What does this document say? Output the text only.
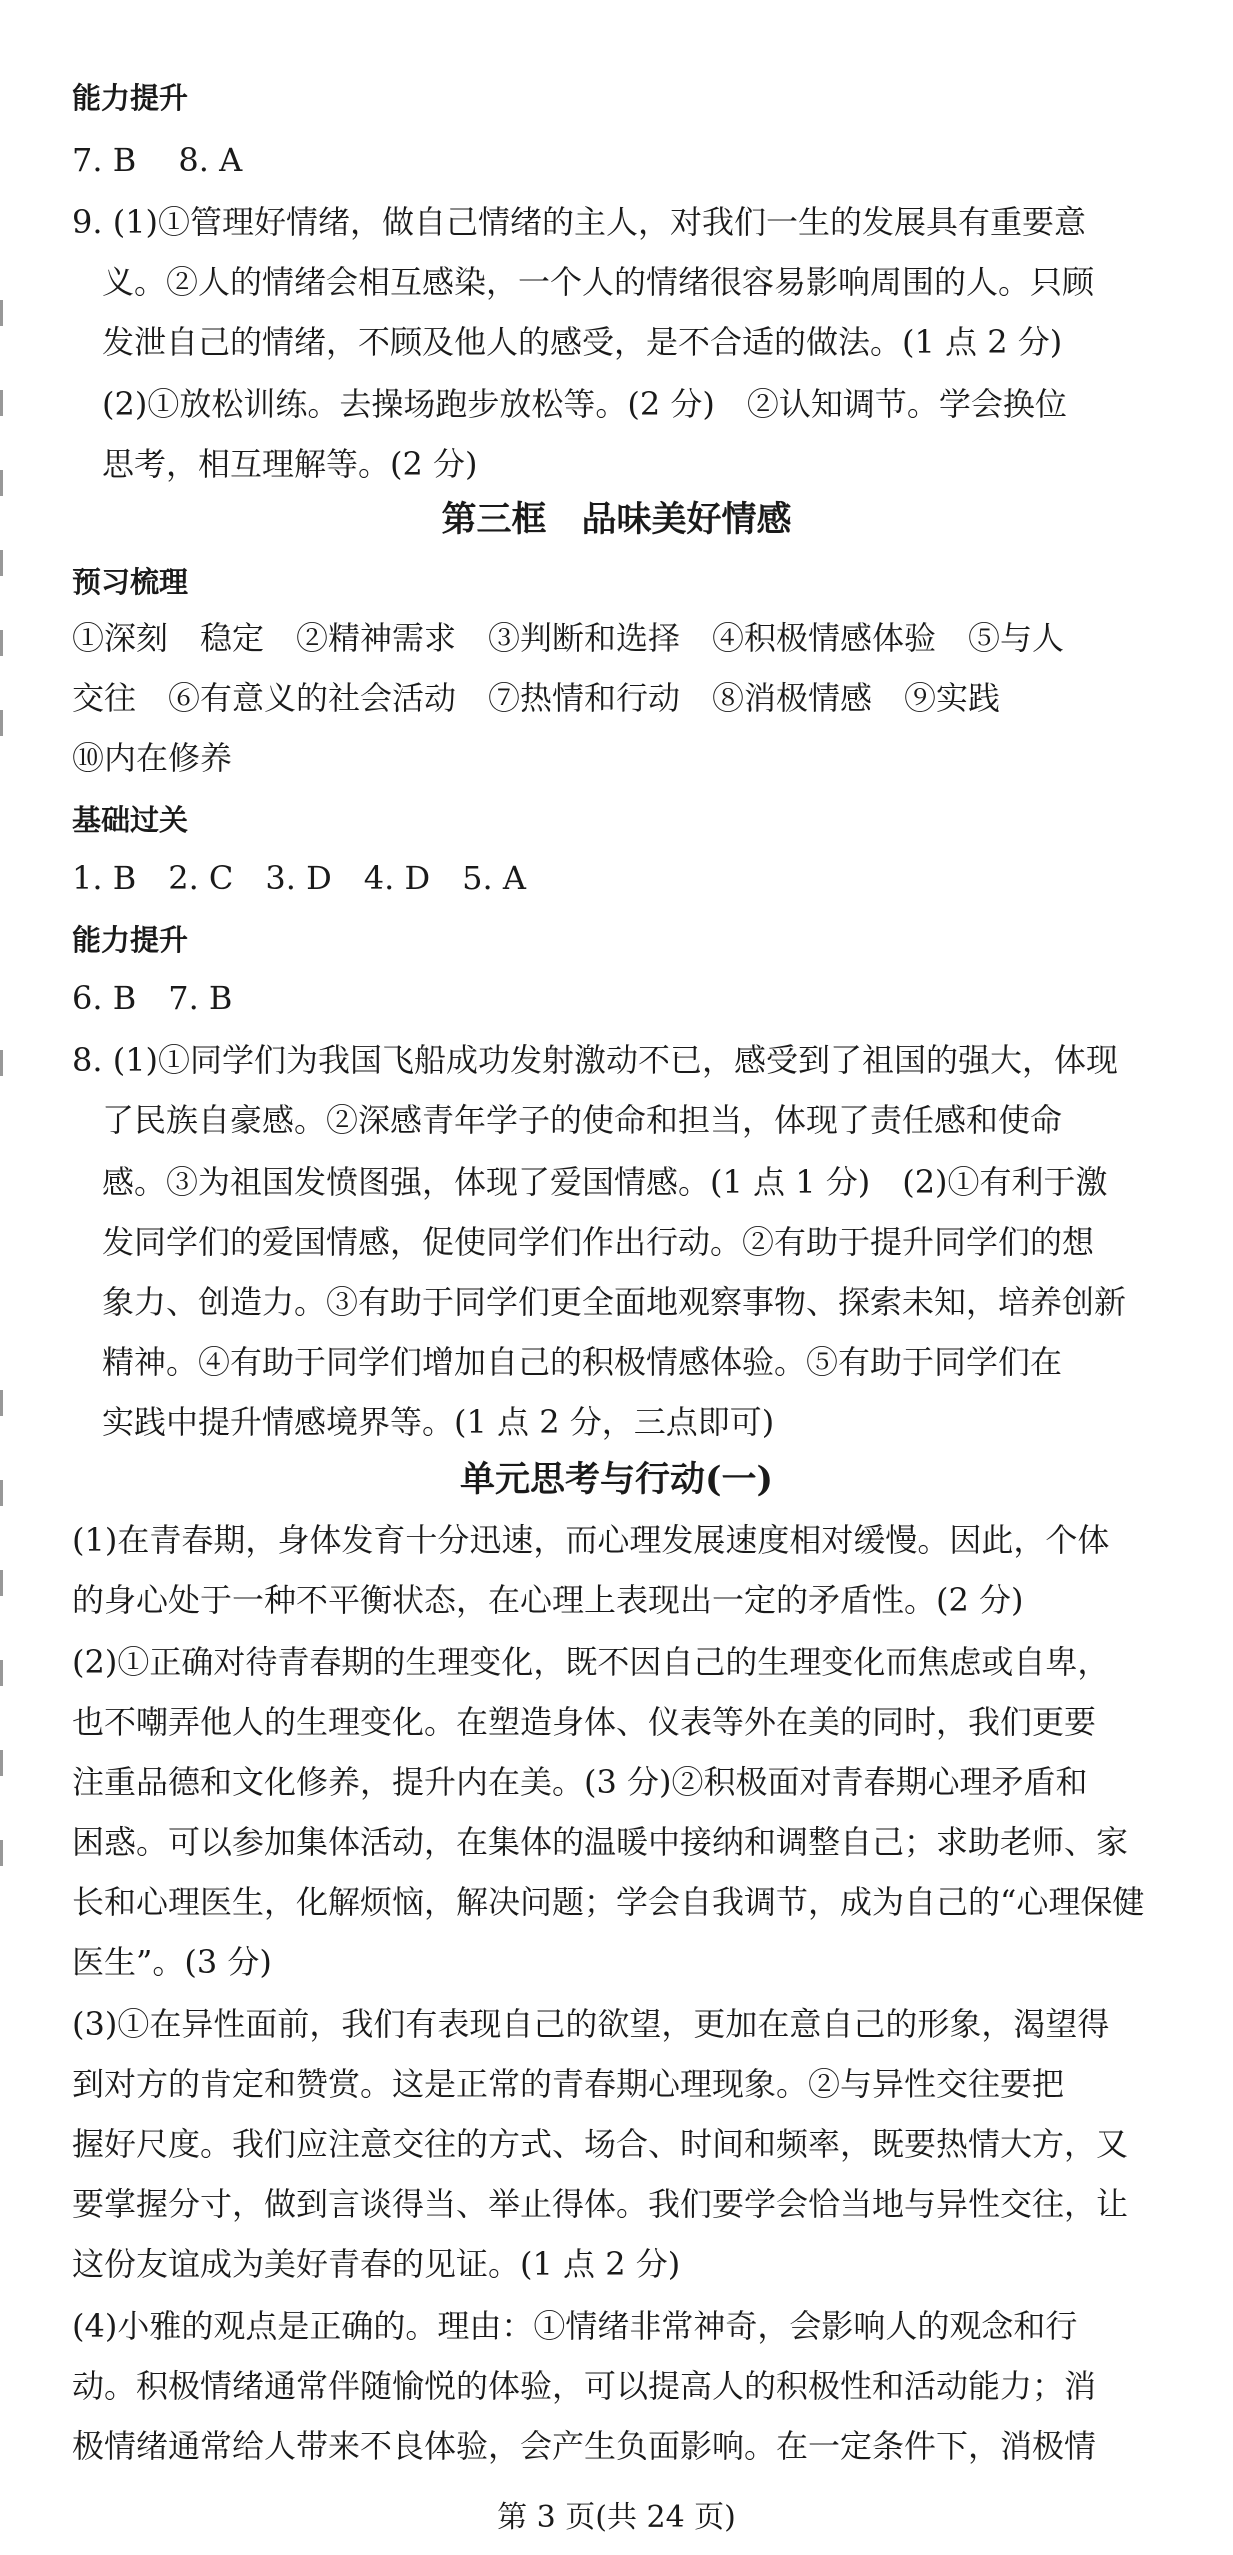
能力提升
7. B　 8. A
9. (1)①管理好情绪，做自己情绪的主人，对我们一生的发展具有重要意
义。②人的情绪会相互感染，一个人的情绪很容易影响周围的人。只顾
发泄自己的情绪，不顾及他人的感受，是不合适的做法。(1 点 2 分)
(2)①放松训练。去操场跑步放松等。(2 分)　②认知调节。学会换位
思考，相互理解等。(2 分)
第三框　品味美好情感
预习梳理
①深刻　稳定　②精神需求　③判断和选择　④积极情感体验　⑤与人
交往　⑥有意义的社会活动　⑦热情和行动　⑧消极情感　⑨实践
⑩内在修养
基础过关
1. B　2. C　3. D　4. D　5. A
能力提升
6. B　7. B
8. (1)①同学们为我国飞船成功发射激动不已，感受到了祖国的强大，体现
了民族自豪感。②深感青年学子的使命和担当，体现了责任感和使命
感。③为祖国发愤图强，体现了爱国情感。(1 点 1 分)　(2)①有利于激
发同学们的爱国情感，促使同学们作出行动。②有助于提升同学们的想
象力、创造力。③有助于同学们更全面地观察事物、探索未知，培养创新
精神。④有助于同学们增加自己的积极情感体验。⑤有助于同学们在
实践中提升情感境界等。(1 点 2 分，三点即可)
单元思考与行动(一)
(1)在青春期，身体发育十分迅速，而心理发展速度相对缓慢。因此，个体
的身心处于一种不平衡状态，在心理上表现出一定的矛盾性。(2 分)
(2)①正确对待青春期的生理变化，既不因自己的生理变化而焦虑或自卑，
也不嘲弄他人的生理变化。在塑造身体、仪表等外在美的同时，我们更要
注重品德和文化修养，提升内在美。(3 分)②积极面对青春期心理矛盾和
困惑。可以参加集体活动，在集体的温暖中接纳和调整自己；求助老师、家
长和心理医生，化解烦恼，解决问题；学会自我调节，成为自己的“心理保健
医生”。(3 分)
(3)①在异性面前，我们有表现自己的欲望，更加在意自己的形象，渴望得
到对方的肯定和赞赏。这是正常的青春期心理现象。②与异性交往要把
握好尺度。我们应注意交往的方式、场合、时间和频率，既要热情大方，又
要掌握分寸，做到言谈得当、举止得体。我们要学会恰当地与异性交往，让
这份友谊成为美好青春的见证。(1 点 2 分)
(4)小雅的观点是正确的。理由：①情绪非常神奇，会影响人的观念和行
动。积极情绪通常伴随愉悦的体验，可以提高人的积极性和活动能力；消
极情绪通常给人带来不良体验，会产生负面影响。在一定条件下，消极情
第 3 页(共 24 页)
